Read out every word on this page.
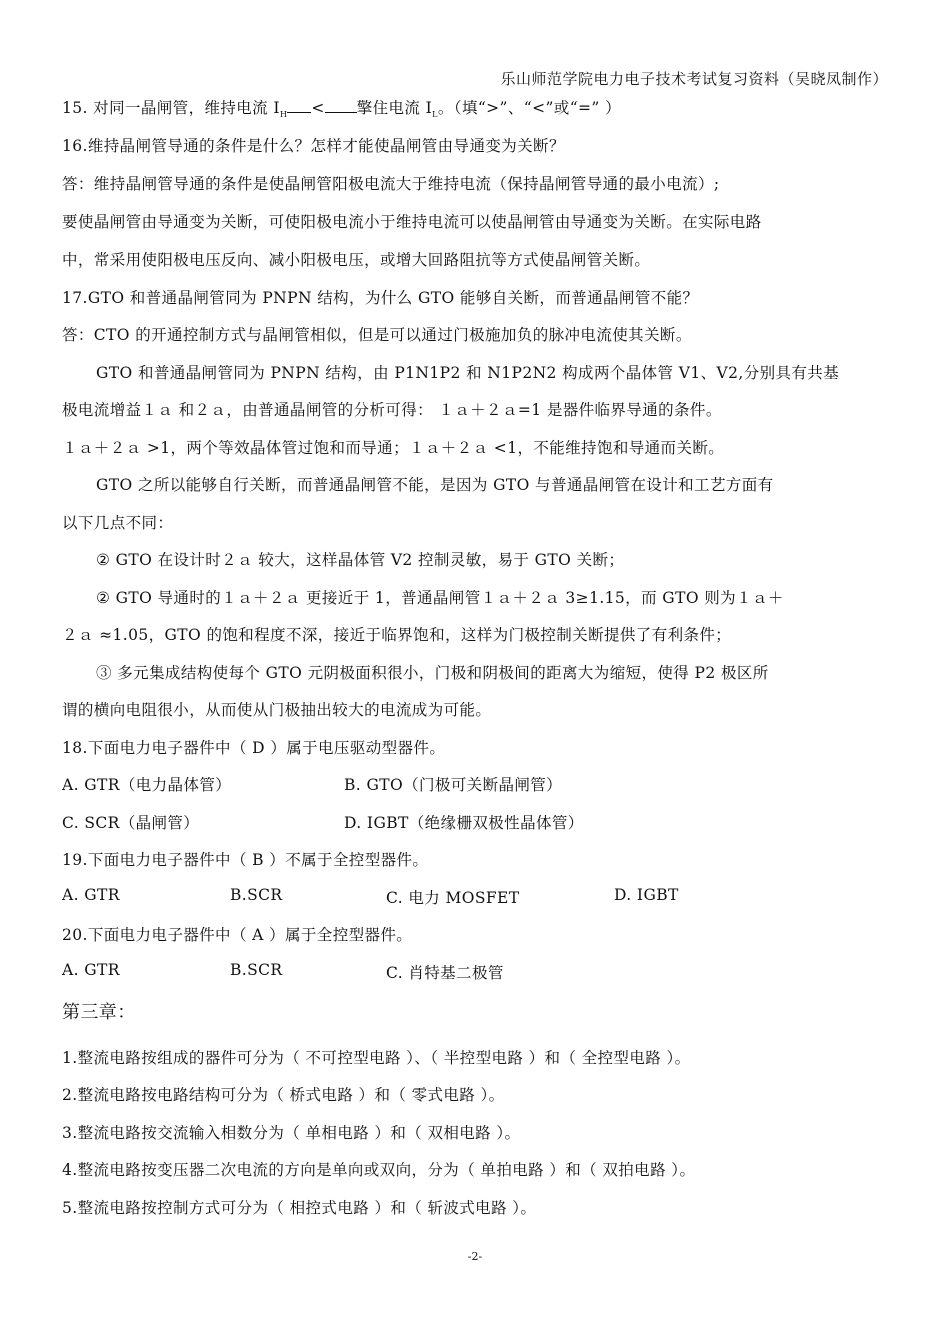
乐山师范学院电力电子技术考试复习资料（吴晓凤制作）
15. 对同一晶闸管，维持电流 $I_H$ < 擎住电流 $I_L$。（填“>”、“<”或“=” ）
16.维持晶闸管导通的条件是什么？怎样才能使晶闸管由导通变为关断？
答：维持晶闸管导通的条件是使晶闸管阳极电流大于维持电流（保持晶闸管导通的最小电流）;
要使晶闸管由导通变为关断，可使阳极电流小于维持电流可以使晶闸管由导通变为关断。在实际电路
中，常采用使阳极电压反向、减小阳极电压，或增大回路阻抗等方式使晶闸管关断。
17.GTO 和普通晶闸管同为 PNPN 结构，为什么 GTO 能够自关断，而普通晶闸管不能？
答：CTO 的开通控制方式与晶闸管相似，但是可以通过门极施加负的脉冲电流使其关断。
GTO 和普通晶闸管同为 PNPN 结构，由 P1N1P2 和 N1P2N2 构成两个晶体管 V1、V2,分别具有共基
极电流增益１ａ 和２ａ，由普通晶闸管的分析可得： １ａ＋２ａ=1 是器件临界导通的条件。
１ａ＋２ａ >1，两个等效晶体管过饱和而导通；１ａ＋２ａ <1，不能维持饱和导通而关断。
GTO 之所以能够自行关断，而普通晶闸管不能，是因为 GTO 与普通晶闸管在设计和工艺方面有
以下几点不同：
② GTO 在设计时２ａ 较大，这样晶体管 V2 控制灵敏，易于 GTO 关断；
② GTO 导通时的１ａ＋２ａ 更接近于 1，普通晶闸管１ａ＋２ａ 3≥1.15，而 GTO 则为１ａ＋
２ａ ≈1.05，GTO 的饱和程度不深，接近于临界饱和，这样为门极控制关断提供了有利条件；
③ 多元集成结构使每个 GTO 元阴极面积很小，门极和阴极间的距离大为缩短，使得 P2 极区所
谓的横向电阻很小，从而使从门极抽出较大的电流成为可能。
18.下面电力电子器件中（ D ）属于电压驱动型器件。
A. GTR（电力晶体管）	B. GTO（门极可关断晶闸管）
C. SCR（晶闸管）	D. IGBT（绝缘栅双极性晶体管）
19.下面电力电子器件中（ B ）不属于全控型器件。
A. GTR	B.SCR	C. 电力 MOSFET	D. IGBT
20.下面电力电子器件中（ A ）属于全控型器件。
A. GTR	B.SCR	C. 肖特基二极管
第三章：
1.整流电路按组成的器件可分为（ 不可控型电路 ）、（ 半控型电路 ）和（ 全控型电路 ）。
2.整流电路按电路结构可分为（ 桥式电路 ）和（ 零式电路 ）。
3.整流电路按交流输入相数分为（ 单相电路 ）和（ 双相电路 ）。
4.整流电路按变压器二次电流的方向是单向或双向，分为（ 单拍电路 ）和（ 双拍电路 ）。
5.整流电路按控制方式可分为（ 相控式电路 ）和（ 斩波式电路 ）。
-2-
